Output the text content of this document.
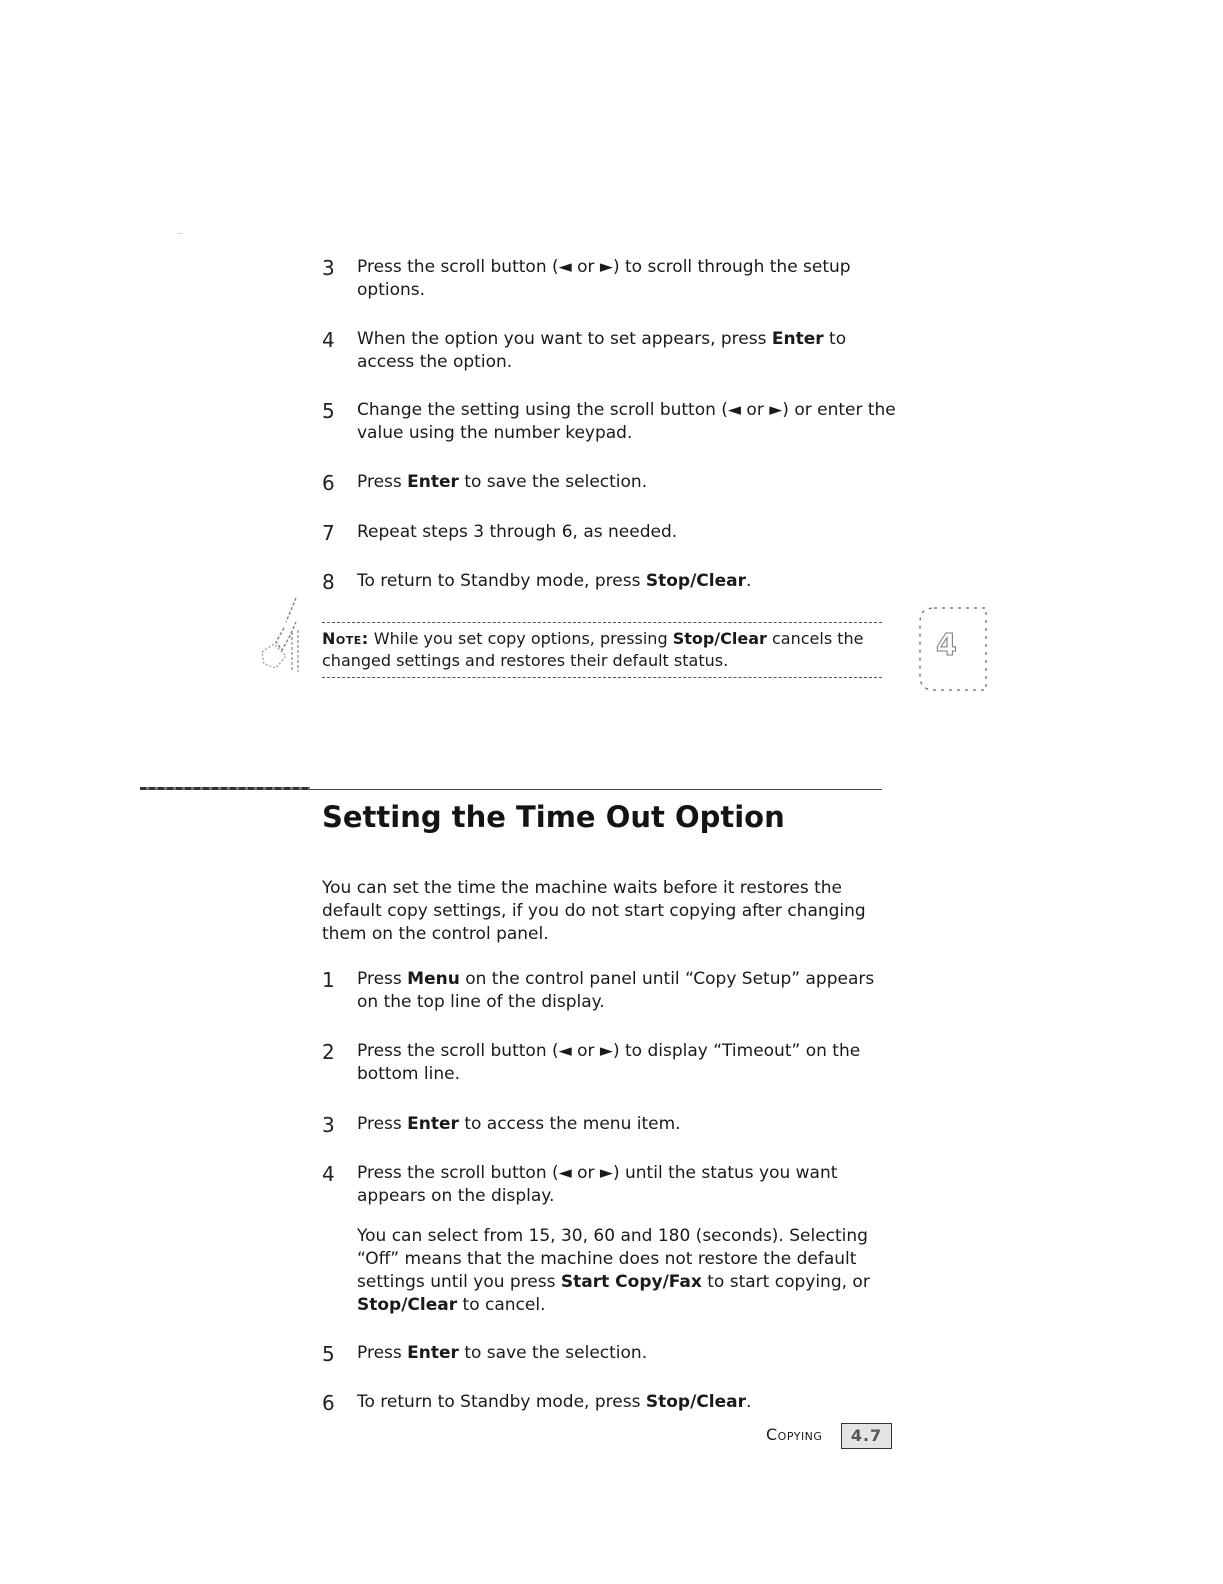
3	Press the scroll button (◄ or ►) to scroll through the setup options.
4	When the option you want to set appears, press Enter to access the option.
5	Change the setting using the scroll button (◄ or ►) or enter the value using the number keypad.
6	Press Enter to save the selection.
7	Repeat steps 3 through 6, as needed.
8	To return to Standby mode, press Stop/Clear.
Note: While you set copy options, pressing Stop/Clear cancels the changed settings and restores their default status.	4
Setting the Time Out Option
You can set the time the machine waits before it restores the default copy settings, if you do not start copying after changing them on the control panel.
1	Press Menu on the control panel until “Copy Setup” appears on the top line of the display.
2	Press the scroll button (◄ or ►) to display “Timeout” on the bottom line.
3	Press Enter to access the menu item.
4	Press the scroll button (◄ or ►) until the status you want appears on the display.
You can select from 15, 30, 60 and 180 (seconds). Selecting “Off” means that the machine does not restore the default settings until you press Start Copy/Fax to start copying, or Stop/Clear to cancel.
5	Press Enter to save the selection.
6	To return to Standby mode, press Stop/Clear.
Copying	4.7
